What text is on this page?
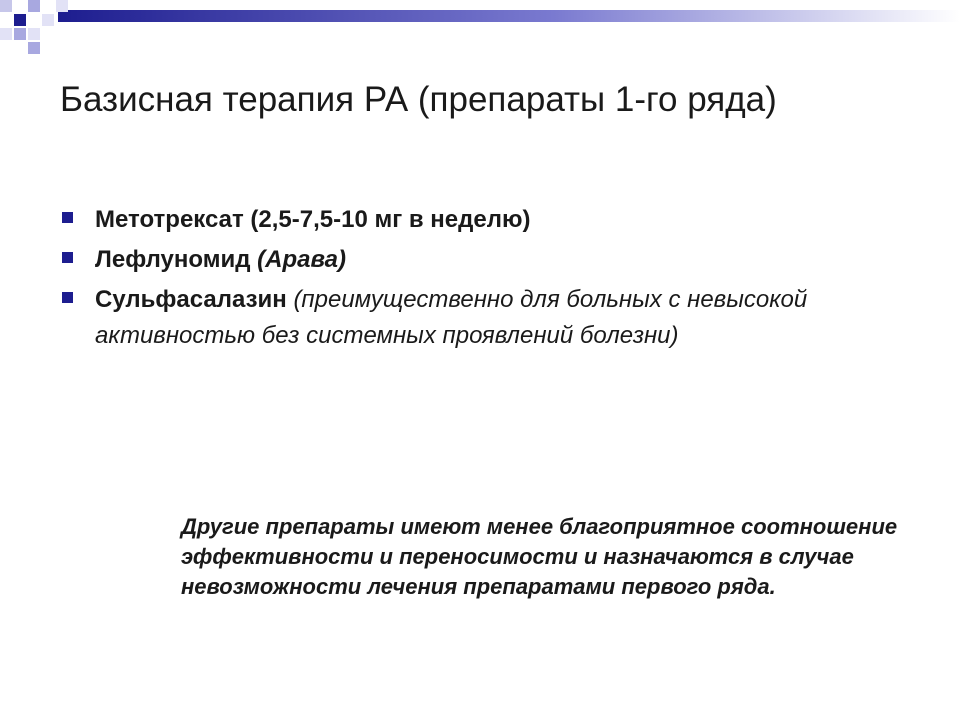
Базисная терапия РА (препараты 1-го ряда)
Метотрексат (2,5-7,5-10 мг в неделю)
Лефлуномид (Арава)
Сульфасалазин (преимущественно для больных с невысокой активностью без системных проявлений болезни)

Другие препараты имеют менее благоприятное соотношение эффективности и переносимости и назначаются в случае невозможности лечения препаратами первого ряда.
